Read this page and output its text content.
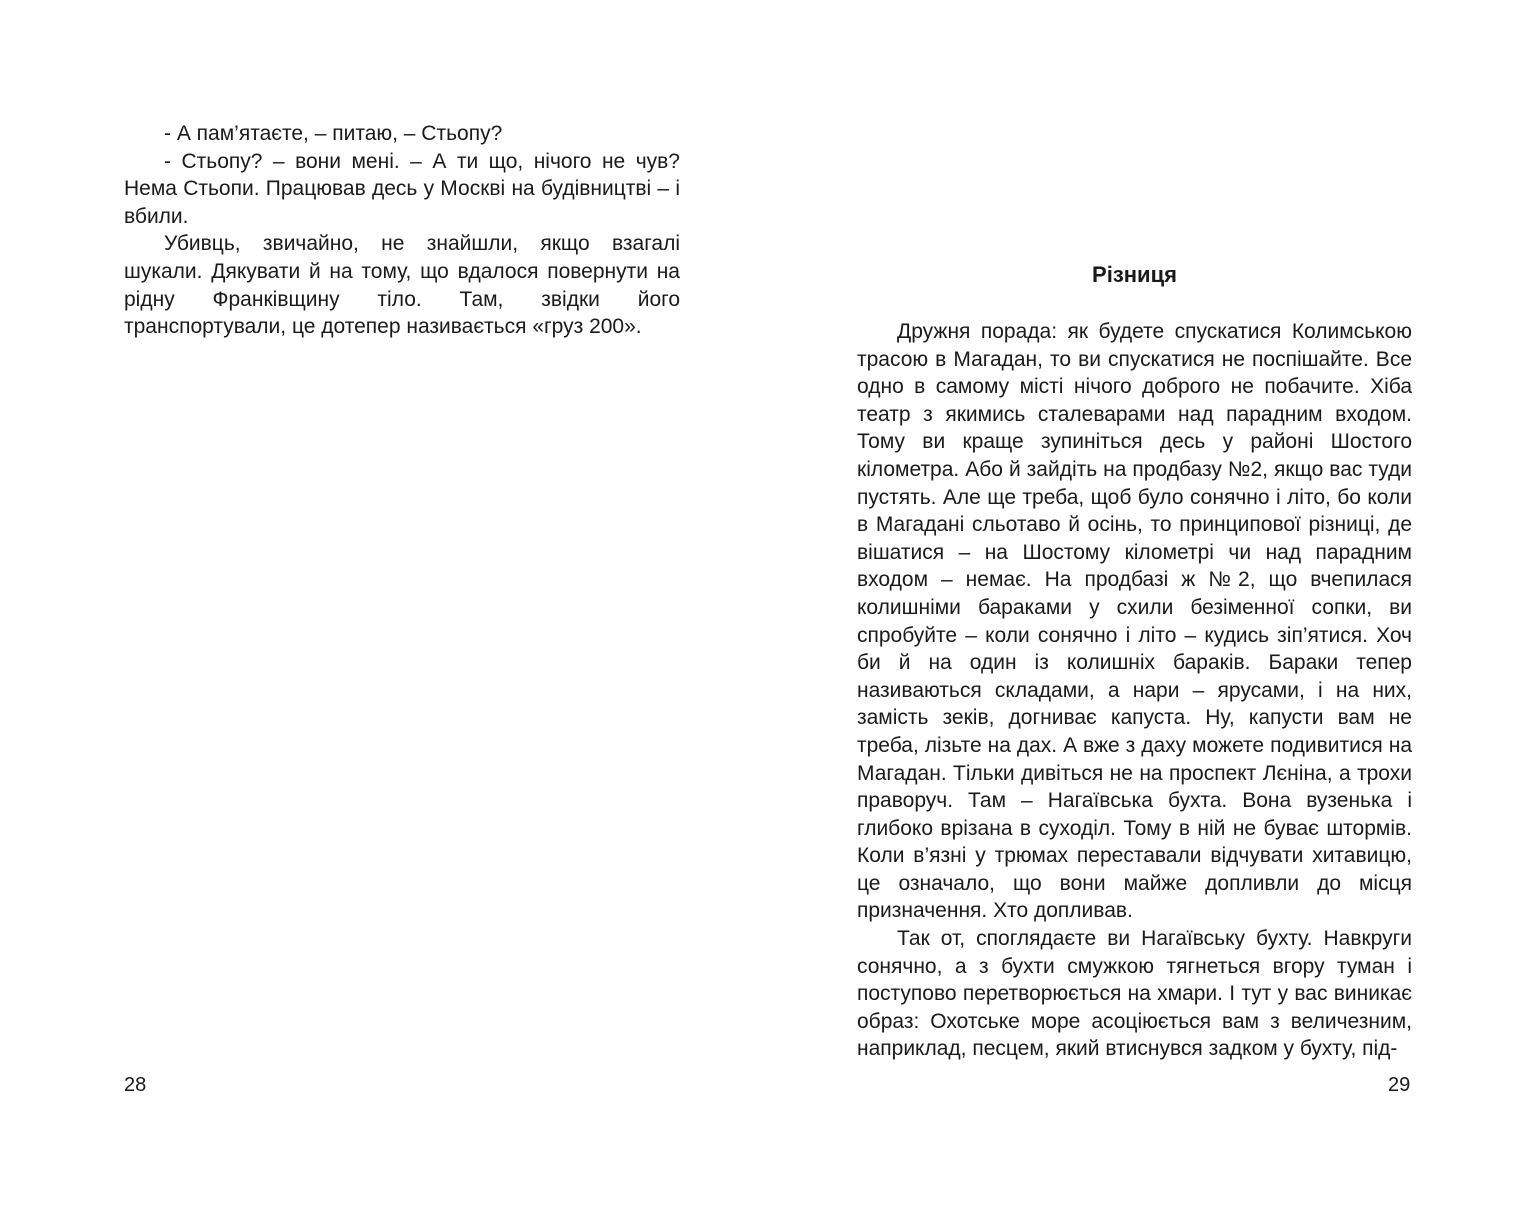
- А пам’ятаєте, – питаю, – Стьопу?

- Стьопу? – вони мені. – А ти що, нічого не чув? Нема Стьопи. Працював десь у Москві на будівництві – і вбили.

Убивць, звичайно, не знайшли, якщо взагалі шукали. Дякувати й на тому, що вдалося повернути на рідну Франківщину тіло. Там, звідки його транспортували, це дотепер називається «груз 200».

28
Різниця

Дружня порада: як будете спускатися Колимською трасою в Магадан, то ви спускатися не поспішайте. Все одно в самому місті нічого доброго не побачите. Хіба театр з якимись сталеварами над парадним входом. Тому ви краще зупиніться десь у районі Шостого кілометра. Або й зайдіть на продбазу №2, якщо вас туди пустять. Але ще треба, щоб було сонячно і літо, бо коли в Магадані сльотаво й осінь, то принципової різниці, де вішатися – на Шостому кілометрі чи над парадним входом – немає. На продбазі ж №2, що вчепилася колишніми бараками у схили безіменної сопки, ви спробуйте – коли сонячно і літо – кудись зіп’ятися. Хоч би й на один із колишніх бараків. Бараки тепер називаються складами, а нари – ярусами, і на них, замість зеків, догниває капуста. Ну, капусти вам не треба, лізьте на дах. А вже з даху можете подивитися на Магадан. Тільки дивіться не на проспект Лєніна, а трохи праворуч. Там – Нагаївська бухта. Вона вузенька і глибоко врізана в суходіл. Тому в ній не буває штормів. Коли в’язні у трюмах переставали відчувати хитавицю, це означало, що вони майже допливли до місця призначення. Хто допливав.

Так от, споглядаєте ви Нагаївську бухту. Навкруги сонячно, а з бухти смужкою тягнеться вгору туман і поступово перетворюється на хмари. І тут у вас виникає образ: Охотське море асоціюється вам з величезним, наприклад, песцем, який втиснувся задком у бухту, під-

29
